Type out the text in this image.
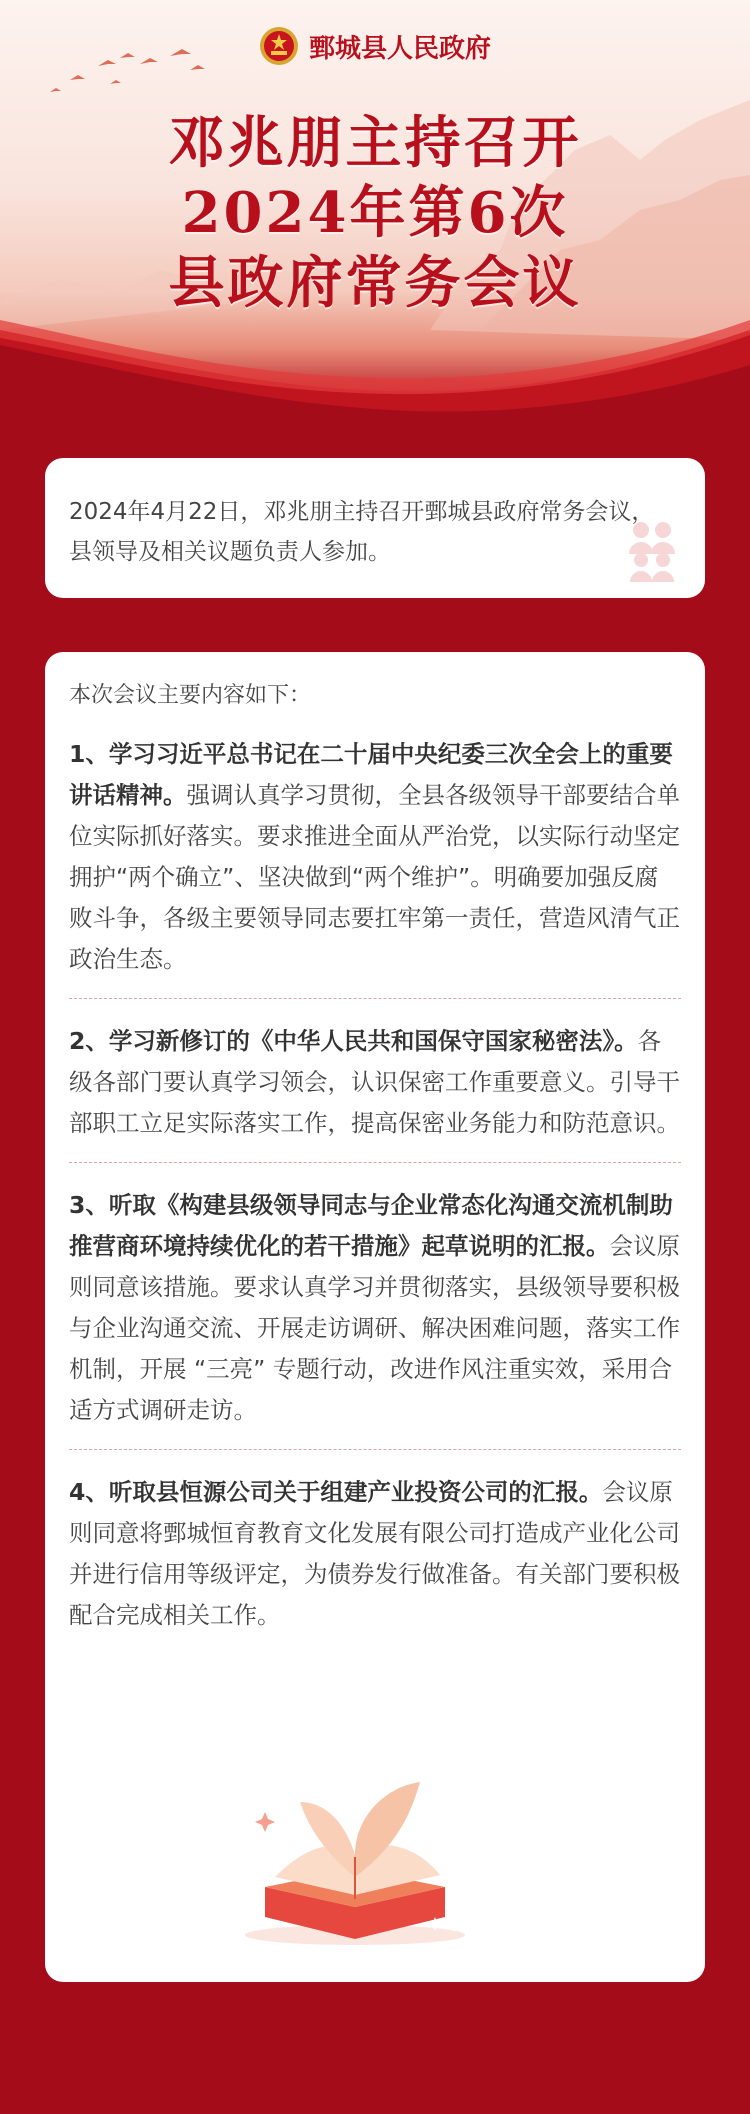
鄄城县人民政府
邓兆朋主持召开
2024年第6次
县政府常务会议

2024年4月22日，邓兆朋主持召开鄄城县政府常务会议，县领导及相关议题负责人参加。

本次会议主要内容如下：

1、学习习近平总书记在二十届中央纪委三次全会上的重要讲话精神。强调认真学习贯彻，全县各级领导干部要结合单位实际抓好落实。要求推进全面从严治党，以实际行动坚定拥护“两个确立”、坚决做到“两个维护”。明确要加强反腐败斗争，各级主要领导同志要扛牢第一责任，营造风清气正政治生态。

2、学习新修订的《中华人民共和国保守国家秘密法》。各级各部门要认真学习领会，认识保密工作重要意义。引导干部职工立足实际落实工作，提高保密业务能力和防范意识。

3、听取《构建县级领导同志与企业常态化沟通交流机制助推营商环境持续优化的若干措施》起草说明的汇报。会议原则同意该措施。要求认真学习并贯彻落实，县级领导要积极与企业沟通交流、开展走访调研、解决困难问题，落实工作机制，开展 “三亮” 专题行动，改进作风注重实效，采用合适方式调研走访。

4、听取县恒源公司关于组建产业投资公司的汇报。会议原则同意将鄄城恒育教育文化发展有限公司打造成产业化公司并进行信用等级评定，为债券发行做准备。有关部门要积极配合完成相关工作。
